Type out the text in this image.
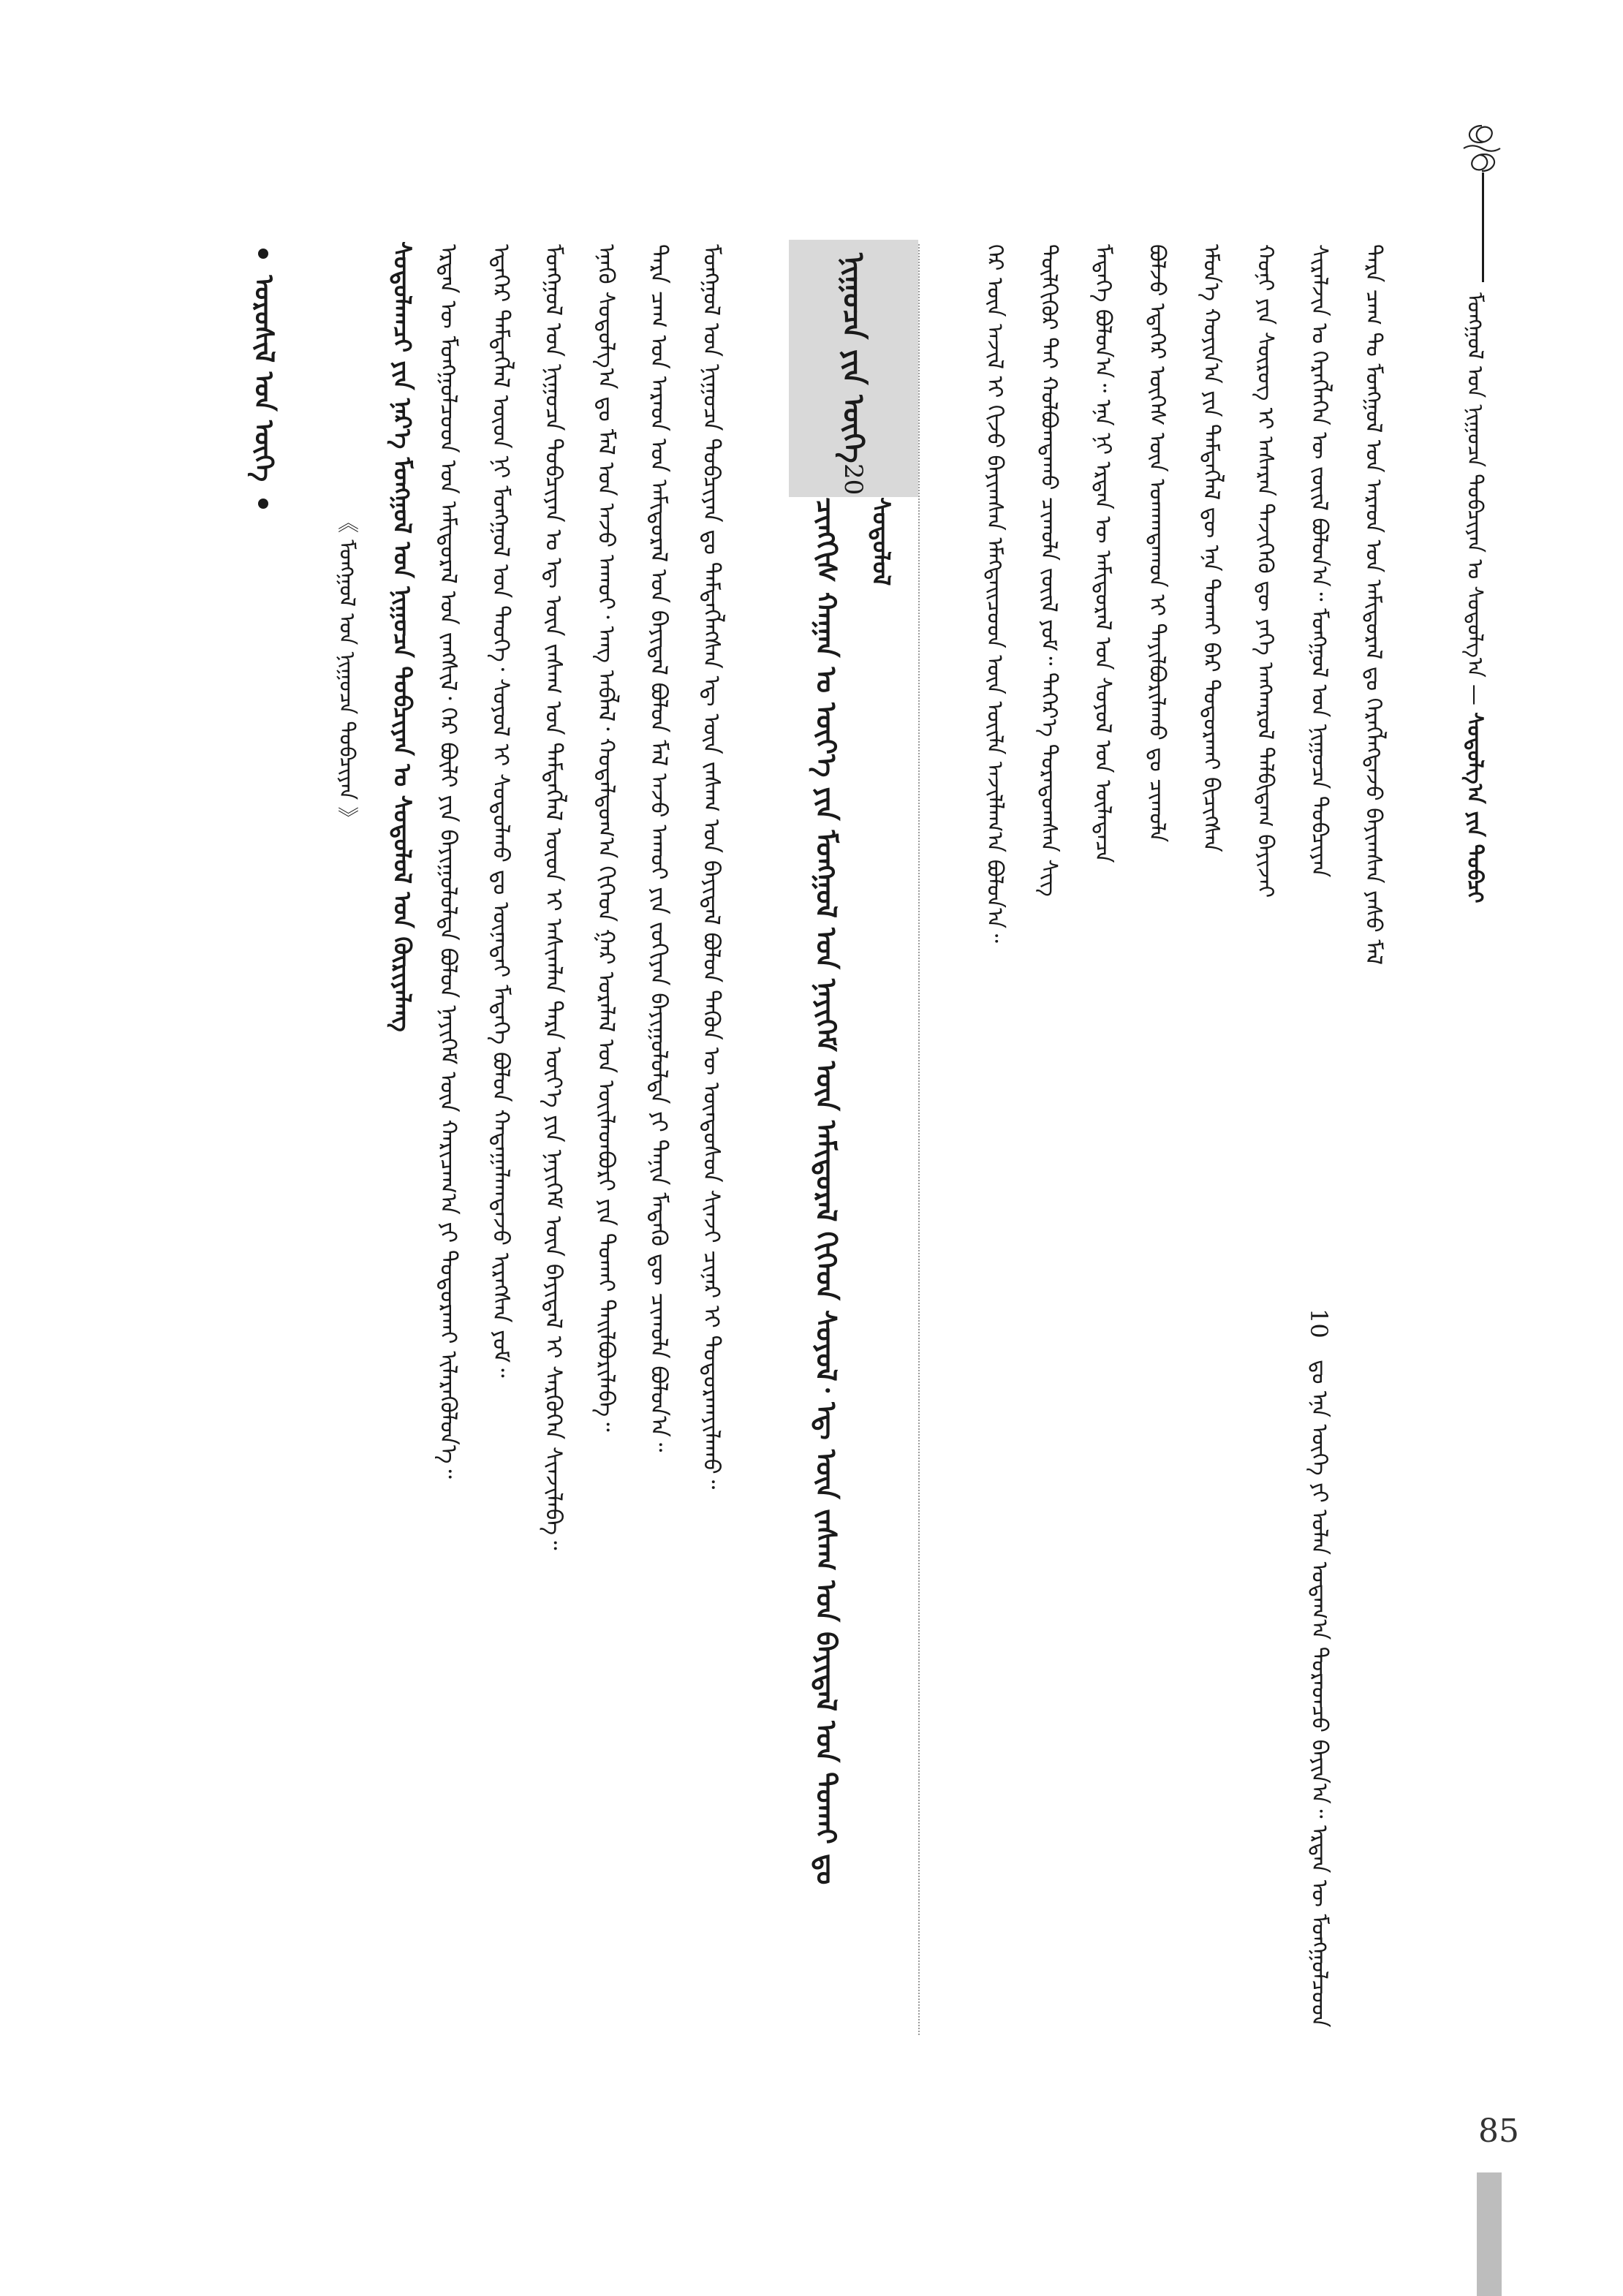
ᠮᠣᠩᠭᠣᠯ ᠤᠨ ᠨᠢᠭᠤᠴᠠ ᠲᠣᠪᠴᠢᠶᠠᠨ ᠤ ᠰᠣᠳᠤᠯᠭ᠎ᠠ — ᠰᠣᠳᠤᠯᠭ᠎ᠠ ᠶᠢᠨ ᠲᠣᠪᠴᠢ
ᠲᠡᠷᠡ ᠴᠠᠭ ᠲᠤ ᠮᠣᠩᠭᠣᠯ ᠤᠨ ᠠᠷᠠᠳ ᠤᠨ ᠠᠮᠢᠳᠤᠷᠠᠯ ᠳᠤ ᠬᠡᠷᠡᠭᠯᠡᠭᠳᠡᠵᠦ ᠪᠠᠶᠢᠭᠰᠠᠨ ᠶᠠᠰᠤ ᠮᠠᠯ
ᠰᠢᠷᠠᠯᠵᠢᠨ ᠤ ᠬᠡᠷᠡᠭᠯᠡᠭᠡᠨ ᠦ ᠵᠦᠢᠯ ᠪᠣᠯᠤᠨ᠎ᠠ᠃ ᠮᠣᠩᠭᠣᠯ ᠤᠨ ᠨᠢᠭᠤᠴᠠ ᠲᠣᠪᠴᠢᠶᠠᠨ
10
ᠳᠤ ᠡᠨᠡ ᠦᠭᠡ ᠶᠢ ᠣᠯᠠᠨ ᠤᠳᠠᠭ᠎ᠠ ᠳᠤᠷᠠᠳᠴᠤ ᠪᠠᠶᠢᠨ᠎ᠠ᠃ ᠡᠷᠲᠡᠨ ᠦ ᠮᠣᠩᠭᠣᠯᠴᠤᠳ
ᠬᠣᠨᠢ ᠶᠢᠨ ᠰᠦᠷᠦᠭ ᠢ ᠠᠰᠠᠷᠠᠨ ᠲᠡᠵᠢᠭᠡᠬᠦ ᠳᠦ ᠶᠡᠬᠡ ᠠᠩᠬᠠᠷᠤᠯ ᠲᠠᠯᠪᠢᠳᠠᠭ ᠪᠠᠶᠢᠵᠠᠢ
ᠡᠮᠦᠨ᠎ᠡ ᠬᠣᠶᠢᠨ᠎ᠠ ᠶᠢᠨ ᠲᠡᠮᠳᠡᠭᠯᠡᠯ ᠳᠦ ᠡᠨᠡ ᠲᠤᠬᠠᠢ ᠪᠠᠷ ᠲᠣᠳᠤᠷᠬᠠᠢ ᠪᠢᠴᠢᠭᠰᠡᠨ
ᠪᠣᠯᠵᠤ ᠡᠳᠡᠭᠡᠷ ᠦᠭᠡᠰ ᠦᠨ ᠤᠬᠠᠭᠳᠠᠬᠤᠨ ᠢ ᠲᠠᠶᠢᠯᠪᠤᠷᠢᠯᠠᠬᠤ ᠳᠤ ᠴᠢᠬᠤᠯᠠ
ᠮᠡᠳᠡᠭᠡ ᠪᠣᠯᠤᠨ᠎ᠠ᠃ ᠡᠨᠡ ᠨᠢ ᠡᠷᠲᠡᠨ ᠦ ᠠᠮᠢᠳᠤᠷᠠᠯ ᠤᠨ ᠰᠣᠶᠤᠯ ᠤᠨ ᠦᠯᠡᠳᠡᠴᠡ
ᠲᠦᠯᠬᠢᠭᠦᠷ ᠲᠠᠢ ᠬᠣᠯᠪᠣᠭᠳᠠᠬᠤ ᠴᠢᠬᠤᠯᠠ ᠵᠦᠢᠯ ᠶᠤᠮ᠃ ᠳᠡᠭᠡᠷ᠎ᠡ ᠳᠤᠷᠠᠳᠤᠭᠰᠠᠨ ᠰᠢᠭ
ᠭᠡᠷ ᠦᠨ ᠠᠵᠢᠯ ᠢ ᠬᠢᠵᠦ ᠪᠠᠶᠢᠭᠰᠠᠨ ᠡᠮᠡᠭᠲᠡᠢᠴᠦᠳ ᠦᠨ ᠦᠢᠯᠡ ᠠᠵᠢᠯᠯᠠᠭ᠎ᠠ ᠪᠣᠯᠤᠨ᠎ᠠ᠃
ᠨᠢᠭᠤᠴᠠ ᠶᠢᠨ ᠦᠭᠡ20
ᠰᠣᠳᠤᠯᠤᠯ
ᠴᠢᠩᠭᠢᠰ ᠬᠠᠭᠠᠨ ᠤ ᠦᠶ᠎ᠡ ᠶᠢᠨ ᠮᠣᠩᠭᠣᠯ ᠤᠨ ᠨᠡᠶᠢᠭᠡᠮ ᠦᠨ ᠠᠮᠢᠳᠤᠷᠠᠯ ᠬᠢᠭᠡᠳ ᠰᠣᠶᠤᠯ᠂ ᠡᠳ᠋ ᠦᠨ ᠵᠠᠰᠠᠭ ᠤᠨ ᠪᠠᠶᠢᠳᠠᠯ ᠤᠨ ᠲᠤᠬᠠᠢ ᠳᠤ
ᠮᠣᠩᠭᠣᠯ ᠤᠨ ᠨᠢᠭᠤᠴᠠ ᠲᠣᠪᠴᠢᠶᠠᠨ ᠳᠤ ᠲᠡᠮᠳᠡᠭᠯᠡᠭᠰᠡᠨ ᠡᠳ᠋ ᠦᠨ ᠵᠠᠰᠠᠭ ᠤᠨ ᠪᠠᠶᠢᠳᠠᠯ ᠪᠣᠯᠤᠨ ᠲᠡᠭᠦᠨ ᠦ ᠦᠨᠳᠦᠰᠦᠨ ᠰᠢᠨᠵᠢ ᠴᠢᠨᠠᠷ ᠢ ᠲᠣᠳᠤᠷᠬᠠᠶᠢᠯᠠᠬᠤ᠃
ᠲᠡᠷᠡ ᠴᠠᠭ ᠤᠨ ᠠᠷᠠᠳ ᠤᠨ ᠠᠮᠢᠳᠤᠷᠠᠯ ᠤᠨ ᠪᠠᠶᠢᠳᠠᠯ ᠪᠣᠯᠤᠨ ᠮᠠᠯ ᠠᠵᠤ ᠠᠬᠤᠢ ᠶᠢᠨ ᠵᠣᠬᠢᠶᠠᠨ ᠪᠠᠶᠢᠭᠤᠯᠤᠯᠲᠠ ᠶᠢ ᠲᠠᠨᠢᠨ ᠮᠡᠳᠡᠬᠦ ᠳᠦ ᠴᠢᠬᠤᠯᠠ ᠪᠣᠯᠤᠨ᠎ᠠ᠃
ᠡᠨᠡᠬᠦ ᠰᠣᠳᠤᠯᠭ᠎ᠠ ᠳᠤ ᠮᠠᠯ ᠤᠨ ᠠᠵᠤ ᠠᠬᠤᠢ᠂ ᠠᠩ ᠠᠪᠯᠠᠯ᠂ ᠬᠤᠳᠠᠯᠳᠤᠭ᠎ᠠ ᠬᠢᠭᠡᠳ ᠭᠠᠷ ᠤᠷᠠᠯᠠᠯ ᠤᠨ ᠦᠢᠯᠡᠳᠪᠦᠷᠢ ᠶᠢᠨ ᠲᠤᠬᠠᠢ ᠲᠠᠢᠯᠪᠤᠷᠢᠯᠠᠪᠠ᠃
ᠮᠣᠩᠭᠣᠯ ᠤᠨ ᠨᠢᠭᠤᠴᠠ ᠲᠣᠪᠴᠢᠶᠠᠨ ᠤ ᠡᠳ᠋ ᠦᠨ ᠵᠠᠰᠠᠭ ᠤᠨ ᠲᠡᠮᠳᠡᠭᠯᠡᠯ ᠦᠳ ᠢ ᠠᠰᠢᠭᠯᠠᠨ ᠲᠡᠷᠡ ᠦᠶ᠎ᠡ ᠶᠢᠨ ᠨᠡᠶᠢᠭᠡᠮ ᠦᠨ ᠪᠠᠶᠢᠳᠠᠯ ᠢ ᠰᠡᠷᠭᠦᠭᠡᠨ ᠰᠢᠨᠵᠢᠯᠡᠪᠡ᠃
ᠡᠳᠡᠭᠡᠷ ᠲᠡᠮᠳᠡᠭᠯᠡᠯ ᠦᠳ ᠨᠢ ᠮᠣᠩᠭᠣᠯ ᠤᠨ ᠲᠡᠦᠬᠡ᠂ ᠰᠣᠶᠤᠯ ᠢ ᠰᠤᠳᠤᠯᠬᠤ ᠳᠤ ᠦᠨᠡᠲᠡᠢ ᠮᠡᠳᠡᠭᠡ ᠪᠣᠯᠤᠨ ᠬᠠᠳᠠᠭᠠᠯᠠᠭᠳᠠᠵᠤ ᠢᠷᠡᠭᠰᠡᠨ ᠶᠤᠮ᠃
ᠡᠷᠲᠡᠨ ᠦ ᠮᠣᠩᠭᠣᠯᠴᠤᠳ ᠤᠨ ᠠᠮᠢᠳᠤᠷᠠᠯ ᠤᠨ ᠵᠠᠩᠰᠢᠯ᠂ ᠭᠡᠷ ᠪᠦᠯᠢ ᠶᠢᠨ ᠪᠠᠶᠢᠭᠤᠯᠤᠯᠲᠠ ᠪᠣᠯᠤᠨ ᠨᠡᠶᠢᠭᠡᠮ ᠦᠨ ᠬᠠᠷᠢᠴᠠᠭ᠎ᠠ ᠶᠢ ᠲᠣᠳᠤᠷᠬᠠᠢ ᠢᠯᠡᠷᠡᠭᠦᠯᠦᠨ᠎ᠡ᠃
ᠰᠣᠳᠤᠯᠠᠭᠴᠢ ᠶᠢᠨ ᠨᠡᠷ᠎ᠡ ᠮᠣᠩᠭᠣᠯ ᠤᠨ ᠨᠢᠭᠤᠴᠠ ᠲᠣᠪᠴᠢᠶᠠᠨ ᠤ ᠰᠣᠳᠤᠯᠤᠯ ᠤᠨ ᠬᠦᠷᠢᠶᠡᠯᠡᠩ
《 ᠮᠣᠩᠭᠣᠯ ᠤᠨ ᠨᠢᠭᠤᠴᠠ ᠲᠣᠪᠴᠢᠶᠠᠨ 》
ᠣᠷᠤᠰᠢᠯ ᠤᠨ ᠦᠭᠡ
85
